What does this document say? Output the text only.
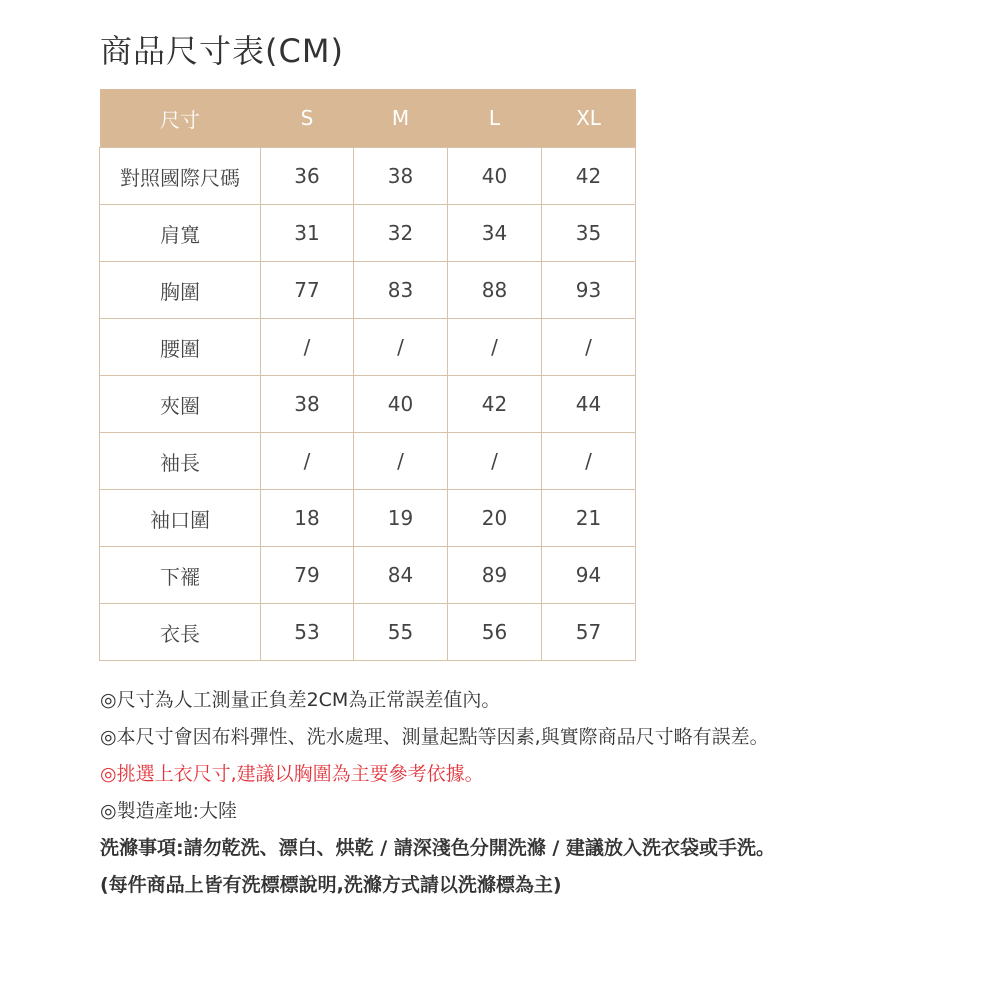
商品尺寸表(CM)
尺寸	S	M	L	XL
對照國際尺碼	36	38	40	42
肩寬	31	32	34	35
胸圍	77	83	88	93
腰圍	/	/	/	/
夾圈	38	40	42	44
袖長	/	/	/	/
袖口圍	18	19	20	21
下襬	79	84	89	94
衣長	53	55	56	57
◎尺寸為人工測量正負差2CM為正常誤差值內。
◎本尺寸會因布料彈性、洗水處理、測量起點等因素,與實際商品尺寸略有誤差。
◎挑選上衣尺寸,建議以胸圍為主要參考依據。
◎製造產地:大陸
洗滌事項:請勿乾洗、漂白、烘乾 / 請深淺色分開洗滌 / 建議放入洗衣袋或手洗。
(每件商品上皆有洗標標說明,洗滌方式請以洗滌標為主)
